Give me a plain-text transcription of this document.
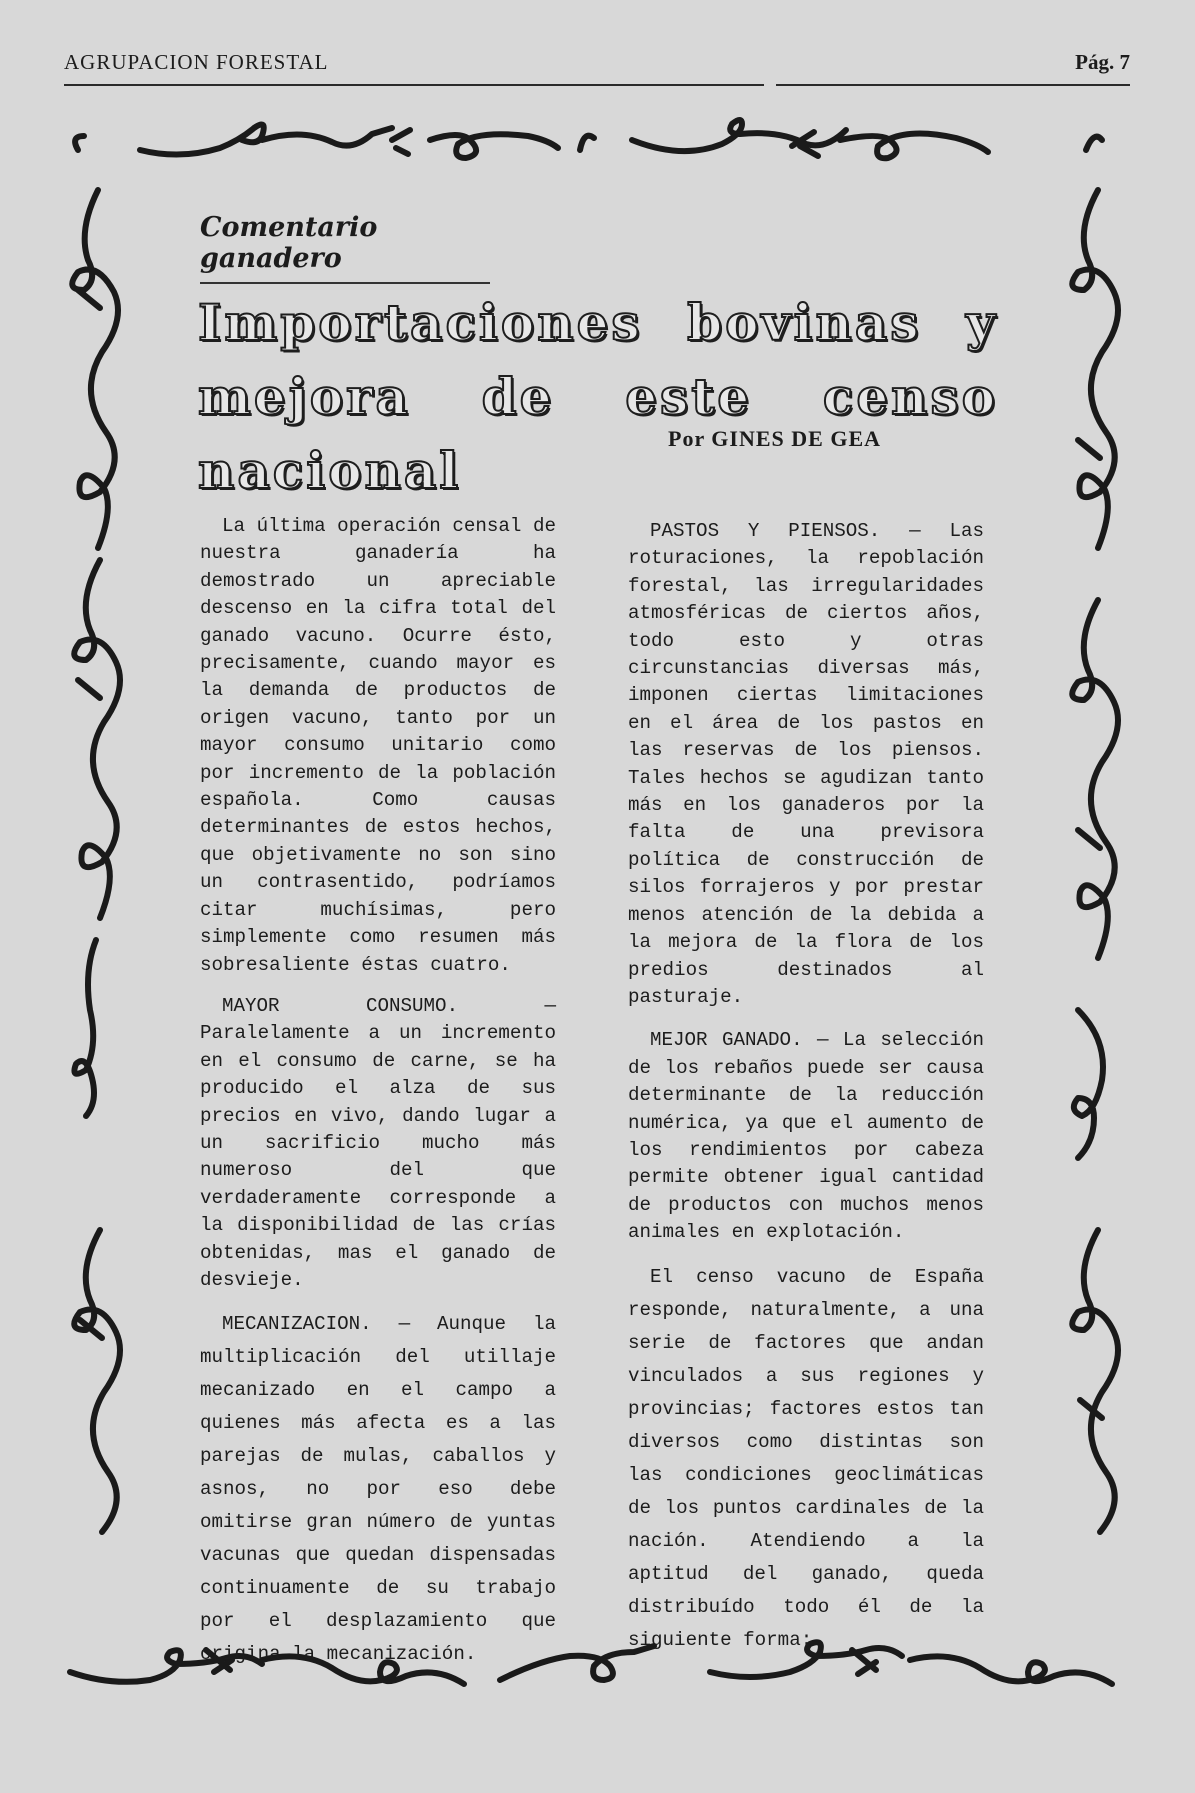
AGRUPACION FORESTAL	Pág. 7
Comentario ganadero
Importaciones bovinas y mejora de este censo nacional
Por GINES DE GEA

La última operación censal de nuestra ganadería ha demostrado un apreciable descenso en la cifra total del ganado vacuno. Ocurre ésto, precisamente, cuando mayor es la demanda de productos de origen vacuno, tanto por un mayor consumo unitario como por incremento de la población española. Como causas determinantes de estos hechos, que objetivamente no son sino un contrasentido, podríamos citar muchísimas, pero simplemente como resumen más sobresaliente éstas cuatro.

MAYOR CONSUMO. — Paralelamente a un incremento en el consumo de carne, se ha producido el alza de sus precios en vivo, dando lugar a un sacrificio mucho más numeroso del que verdaderamente corresponde a la disponibilidad de las crías obtenidas, mas el ganado de desvieje.

MECANIZACION. — Aunque la multiplicación del utillaje mecanizado en el campo a quienes más afecta es a las parejas de mulas, caballos y asnos, no por eso debe omitirse gran número de yuntas vacunas que quedan dispensadas continuamente de su trabajo por el desplazamiento que origina la mecanización.

PASTOS Y PIENSOS. — Las roturaciones, la repoblación forestal, las irregularidades atmosféricas de ciertos años, todo esto y otras circunstancias diversas más, imponen ciertas limitaciones en el área de los pastos en las reservas de los piensos. Tales hechos se agudizan tanto más en los ganaderos por la falta de una previsora política de construcción de silos forrajeros y por prestar menos atención de la debida a la mejora de la flora de los predios destinados al pasturaje.

MEJOR GANADO. — La selección de los rebaños puede ser causa determinante de la reducción numérica, ya que el aumento de los rendimientos por cabeza permite obtener igual cantidad de productos con muchos menos animales en explotación.

El censo vacuno de España responde, naturalmente, a una serie de factores que andan vinculados a sus regiones y provincias; factores estos tan diversos como distintas son las condiciones geoclimáticas de los puntos cardinales de la nación. Atendiendo a la aptitud del ganado, queda distribuído todo él de la siguiente forma:
